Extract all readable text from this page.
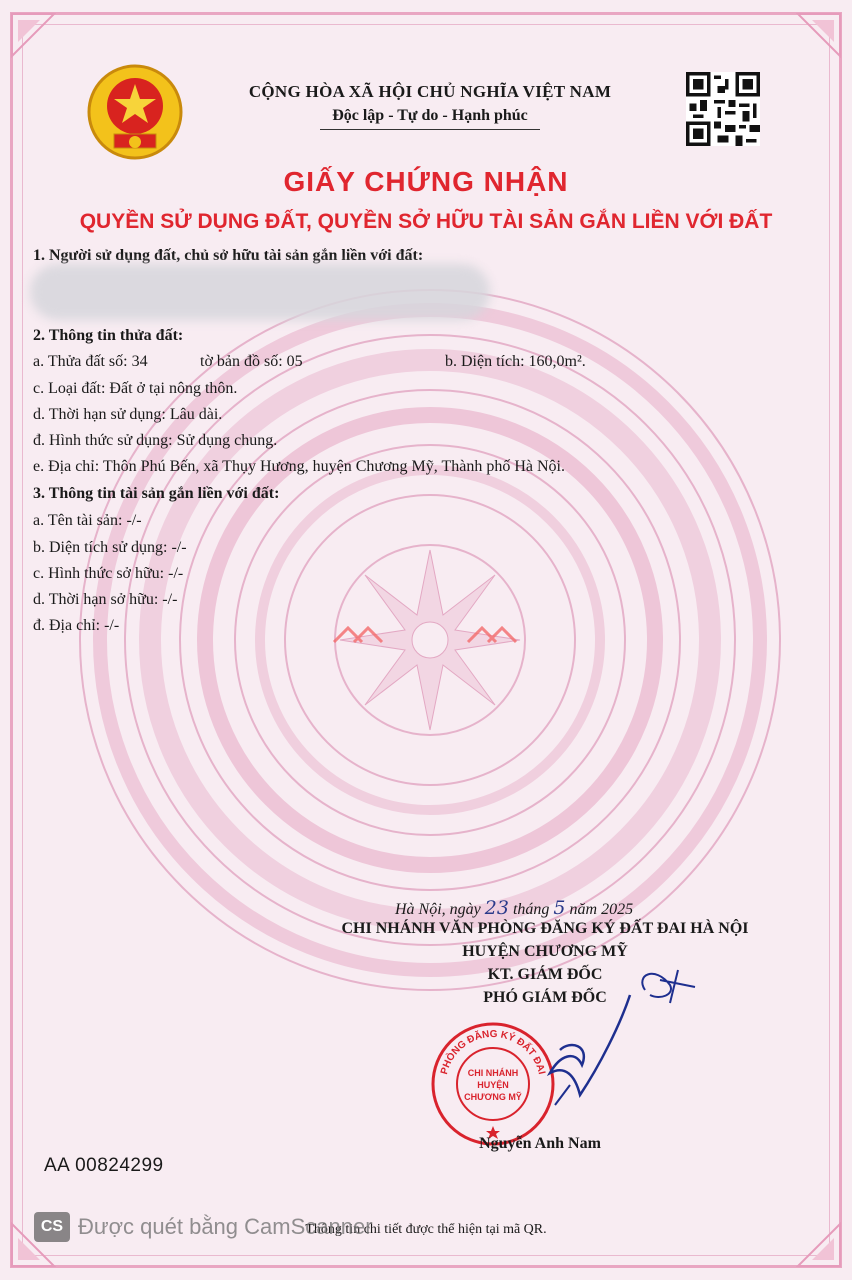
CỘNG HÒA XÃ HỘI CHỦ NGHĨA VIỆT NAM
Độc lập - Tự do - Hạnh phúc
GIẤY CHỨNG NHẬN
QUYỀN SỬ DỤNG ĐẤT, QUYỀN SỞ HỮU TÀI SẢN GẮN LIỀN VỚI ĐẤT
1. Người sử dụng đất, chủ sở hữu tài sản gắn liền với đất:
2. Thông tin thửa đất:
a. Thửa đất số: 34	tờ bản đồ số: 05	b. Diện tích: 160,0m².
c. Loại đất: Đất ở tại nông thôn.
d. Thời hạn sử dụng: Lâu dài.
đ. Hình thức sử dụng: Sử dụng chung.
e. Địa chỉ: Thôn Phú Bến, xã Thụy Hương, huyện Chương Mỹ, Thành phố Hà Nội.
3. Thông tin tài sản gắn liền với đất:
a. Tên tài sản: -/-
b. Diện tích sử dụng: -/-
c. Hình thức sở hữu: -/-
d. Thời hạn sở hữu: -/-
đ. Địa chỉ: -/-
Hà Nội, ngày 23 tháng 5 năm 2025
CHI NHÁNH VĂN PHÒNG ĐĂNG KÝ ĐẤT ĐAI HÀ NỘI
HUYỆN CHƯƠNG MỸ
KT. GIÁM ĐỐC
PHÓ GIÁM ĐỐC
PHÒNG ĐĂNG KÝ ĐẤT ĐAI
CHI NHÁNH
HUYỆN
CHƯƠNG MỸ
Nguyễn Anh Nam
AA 00824299
Thông tin chi tiết được thể hiện tại mã QR.
CS Được quét bằng CamScanner
